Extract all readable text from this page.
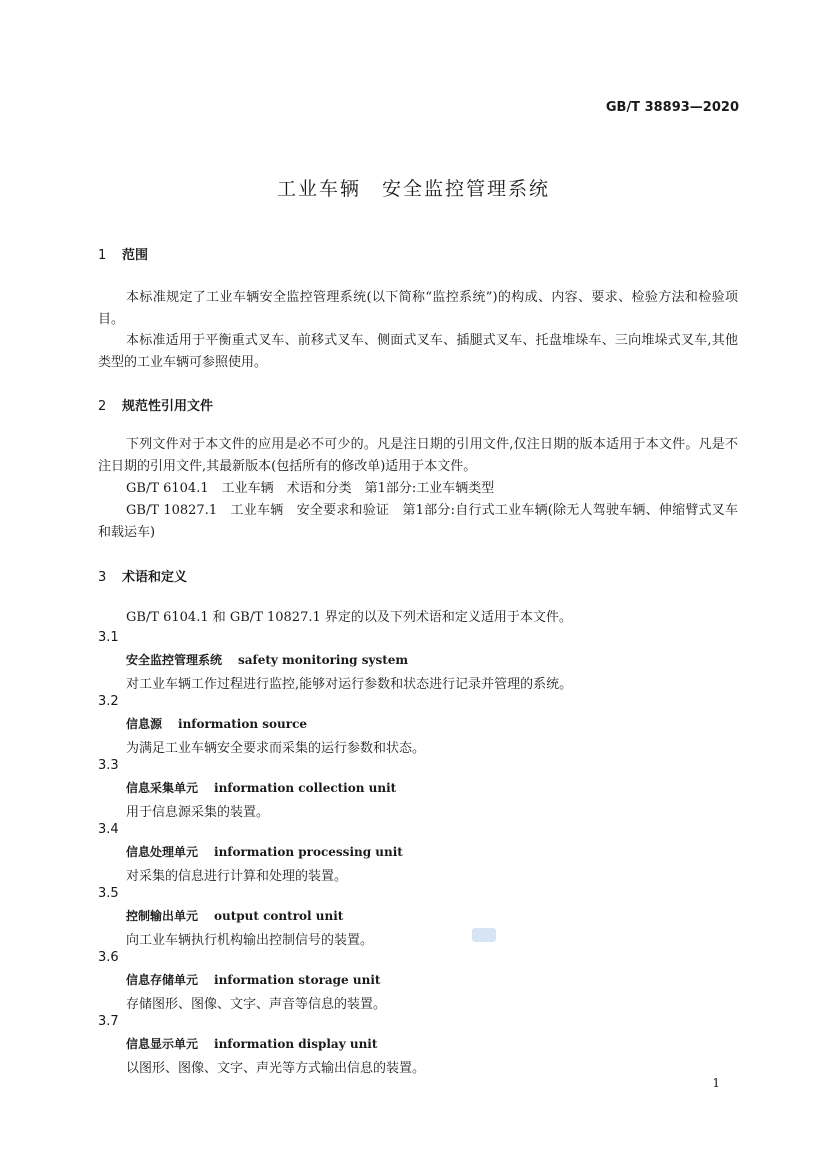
GB/T 38893—2020
工业车辆　安全监控管理系统
1 范围
本标准规定了工业车辆安全监控管理系统(以下简称“监控系统”)的构成、内容、要求、检验方法和检验项目。
本标准适用于平衡重式叉车、前移式叉车、侧面式叉车、插腿式叉车、托盘堆垛车、三向堆垛式叉车,其他类型的工业车辆可参照使用。
2 规范性引用文件
下列文件对于本文件的应用是必不可少的。凡是注日期的引用文件,仅注日期的版本适用于本文件。凡是不注日期的引用文件,其最新版本(包括所有的修改单)适用于本文件。
GB/T 6104.1　工业车辆　术语和分类　第1部分:工业车辆类型
GB/T 10827.1　工业车辆　安全要求和验证　第1部分:自行式工业车辆(除无人驾驶车辆、伸缩臂式叉车和载运车)
3 术语和定义
GB/T 6104.1 和 GB/T 10827.1 界定的以及下列术语和定义适用于本文件。
3.1
安全监控管理系统 safety monitoring system
对工业车辆工作过程进行监控,能够对运行参数和状态进行记录并管理的系统。
3.2
信息源 information source
为满足工业车辆安全要求而采集的运行参数和状态。
3.3
信息采集单元 information collection unit
用于信息源采集的装置。
3.4
信息处理单元 information processing unit
对采集的信息进行计算和处理的装置。
3.5
控制输出单元 output control unit
向工业车辆执行机构输出控制信号的装置。
3.6
信息存储单元 information storage unit
存储图形、图像、文字、声音等信息的装置。
3.7
信息显示单元 information display unit
以图形、图像、文字、声光等方式输出信息的装置。
1
